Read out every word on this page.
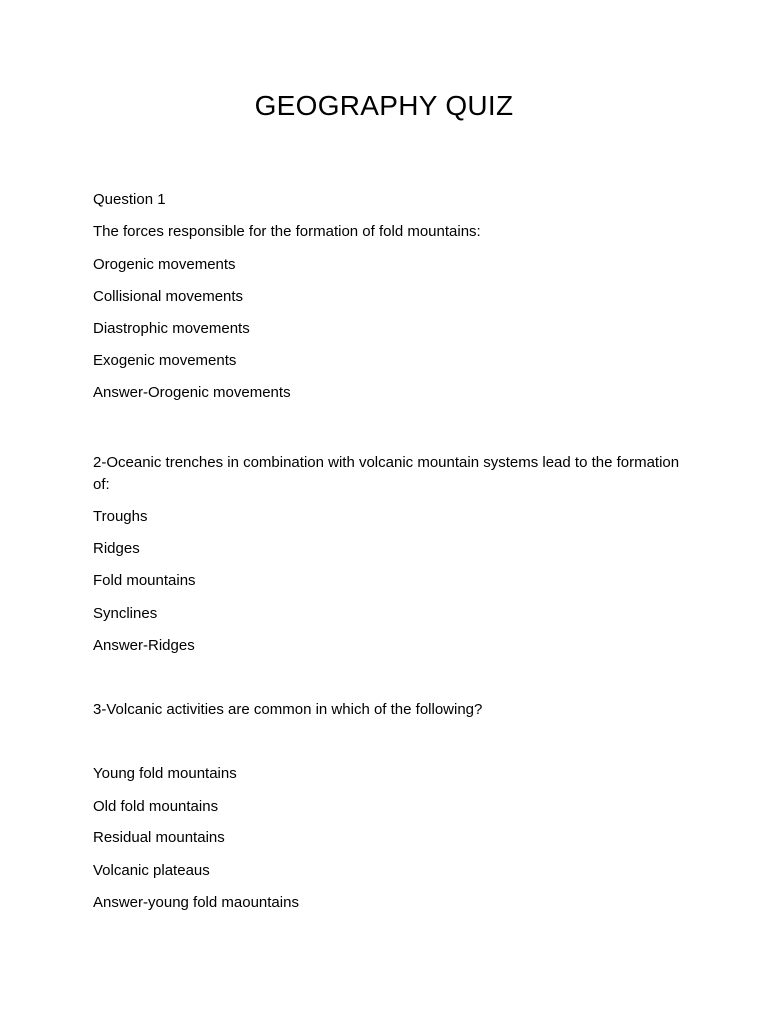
GEOGRAPHY QUIZ
Question 1
The forces responsible for the formation of fold mountains:
Orogenic movements
Collisional movements
Diastrophic movements
Exogenic movements
Answer-Orogenic movements
2-Oceanic trenches in combination with volcanic mountain systems lead to the formation of:
Troughs
Ridges
Fold mountains
Synclines
Answer-Ridges
3-Volcanic activities are common in which of the following?
Young fold mountains
Old fold mountains
Residual mountains
Volcanic plateaus
Answer-young fold maountains
